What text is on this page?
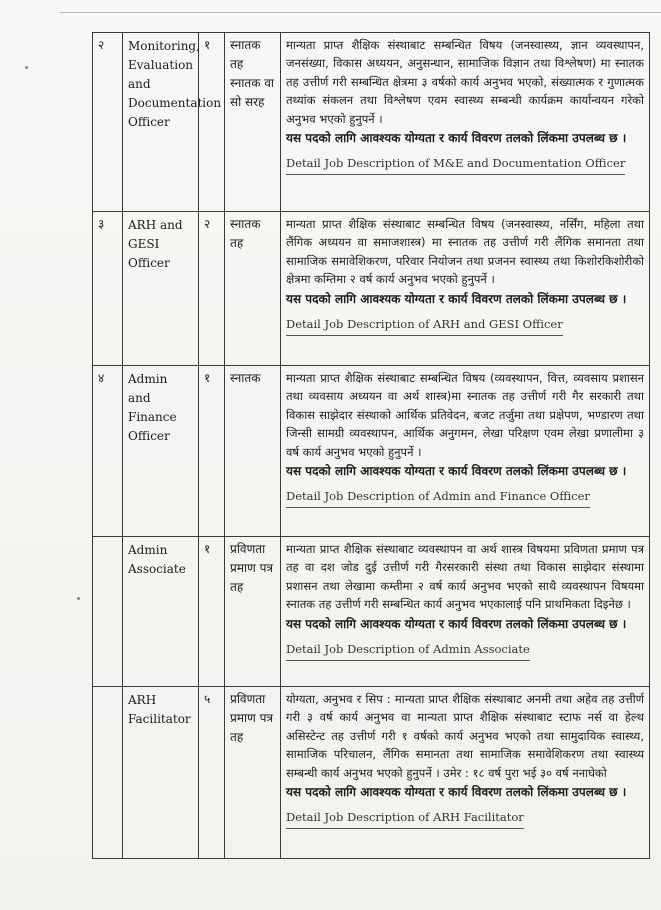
२	Monitoring, Evaluation and Documentation Officer	१	स्नातक तह स्नातक वा सो सरह	मान्यता प्राप्त शैक्षिक संस्थाबाट सम्बन्धित विषय (जनस्वास्थ्य, ज्ञान व्यवस्थापन, जनसंख्या, विकास अध्ययन, अनुसन्धान, सामाजिक विज्ञान तथा विश्लेषण) मा स्नातक तह उत्तीर्ण गरी सम्बन्धित क्षेत्रमा ३ वर्षको कार्य अनुभव भएको, संख्यात्मक र गुणात्मक तथ्यांक संकलन तथा विश्लेषण एवम स्वास्थ्य सम्बन्धी कार्यक्रम कार्यान्वयन गरेको अनुभव भएको हुनुपर्ने ।

यस पदको लागि आवश्यक योग्यता र कार्य विवरण तलको लिंकमा उपलब्ध छ ।

Detail Job Description of M&E and Documentation Officer
३	ARH and GESI Officer	२	स्नातक तह	मान्यता प्राप्त शैक्षिक संस्थाबाट सम्बन्धित विषय (जनस्वास्थ्य, नर्सिंग, महिला तथा लैंगिक अध्ययन वा समाजशास्त्र) मा स्नातक तह उत्तीर्ण गरी लैंगिक समानता तथा सामाजिक समावेशिकरण, परिवार नियोजन तथा प्रजनन स्वास्थ्य तथा किशोरकिशोरीको क्षेत्रमा कम्तिमा २ वर्ष कार्य अनुभव भएको हुनुपर्ने ।

यस पदको लागि आवश्यक योग्यता र कार्य विवरण तलको लिंकमा उपलब्ध छ ।

Detail Job Description of ARH and GESI Officer
४	Admin and Finance Officer	१	स्नातक	मान्यता प्राप्त शैक्षिक संस्थाबाट सम्बन्धित विषय (व्यवस्थापन, वित्त, व्यवसाय प्रशासन तथा व्यवसाय अध्ययन वा अर्थ शास्त्र)मा स्नातक तह उत्तीर्ण गरी गैर सरकारी तथा विकास साझेदार संस्थाको आर्थिक प्रतिवेदन, बजट तर्जुमा तथा प्रक्षेपण, भण्डारण तथा जिन्सी सामग्री व्यवस्थापन, आर्थिक अनुगमन, लेखा परिक्षण एवम लेखा प्रणालीमा ३ वर्ष कार्य अनुभव भएको हुनुपर्ने ।

यस पदको लागि आवश्यक योग्यता र कार्य विवरण तलको लिंकमा उपलब्ध छ ।

Detail Job Description of Admin and Finance Officer
	Admin Associate	१	प्रविणता प्रमाण पत्र तह	मान्यता प्राप्त शैक्षिक संस्थाबाट व्यवस्थापन वा अर्थ शास्त्र विषयमा प्रविणता प्रमाण पत्र तह वा दश जोड दुई उत्तीर्ण गरी गैरसरकारी संस्था तथा विकास साझेदार संस्थामा प्रशासन तथा लेखामा कम्तीमा २ वर्ष कार्य अनुभव भएको साथै व्यवस्थापन विषयमा स्नातक तह उत्तीर्ण गरी सम्बन्धित कार्य अनुभव भएकालाई पनि प्राथमिकता दिइनेछ ।

यस पदको लागि आवश्यक योग्यता र कार्य विवरण तलको लिंकमा उपलब्ध छ ।

Detail Job Description of Admin Associate
	ARH Facilitator	५	प्रविणता प्रमाण पत्र तह	योग्यता, अनुभव र सिप : मान्यता प्राप्त शैक्षिक संस्थाबाट अनमी तथा अहेव तह उत्तीर्ण गरी ३ वर्ष कार्य अनुभव वा मान्यता प्राप्त शैक्षिक संस्थाबाट स्टाफ नर्स वा हेल्थ असिस्टेन्ट तह उत्तीर्ण गरी १ वर्षको कार्य अनुभव भएको तथा सामुदायिक स्वास्थ्य, सामाजिक परिचालन, लैंगिक समानता तथा सामाजिक समावेशिकरण तथा स्वास्थ्य सम्बन्धी कार्य अनुभव भएको हुनुपर्ने । उमेर : १८ वर्ष पुरा भई ३० वर्ष ननाघेको

यस पदको लागि आवश्यक योग्यता र कार्य विवरण तलको लिंकमा उपलब्ध छ ।

Detail Job Description of ARH Facilitator
